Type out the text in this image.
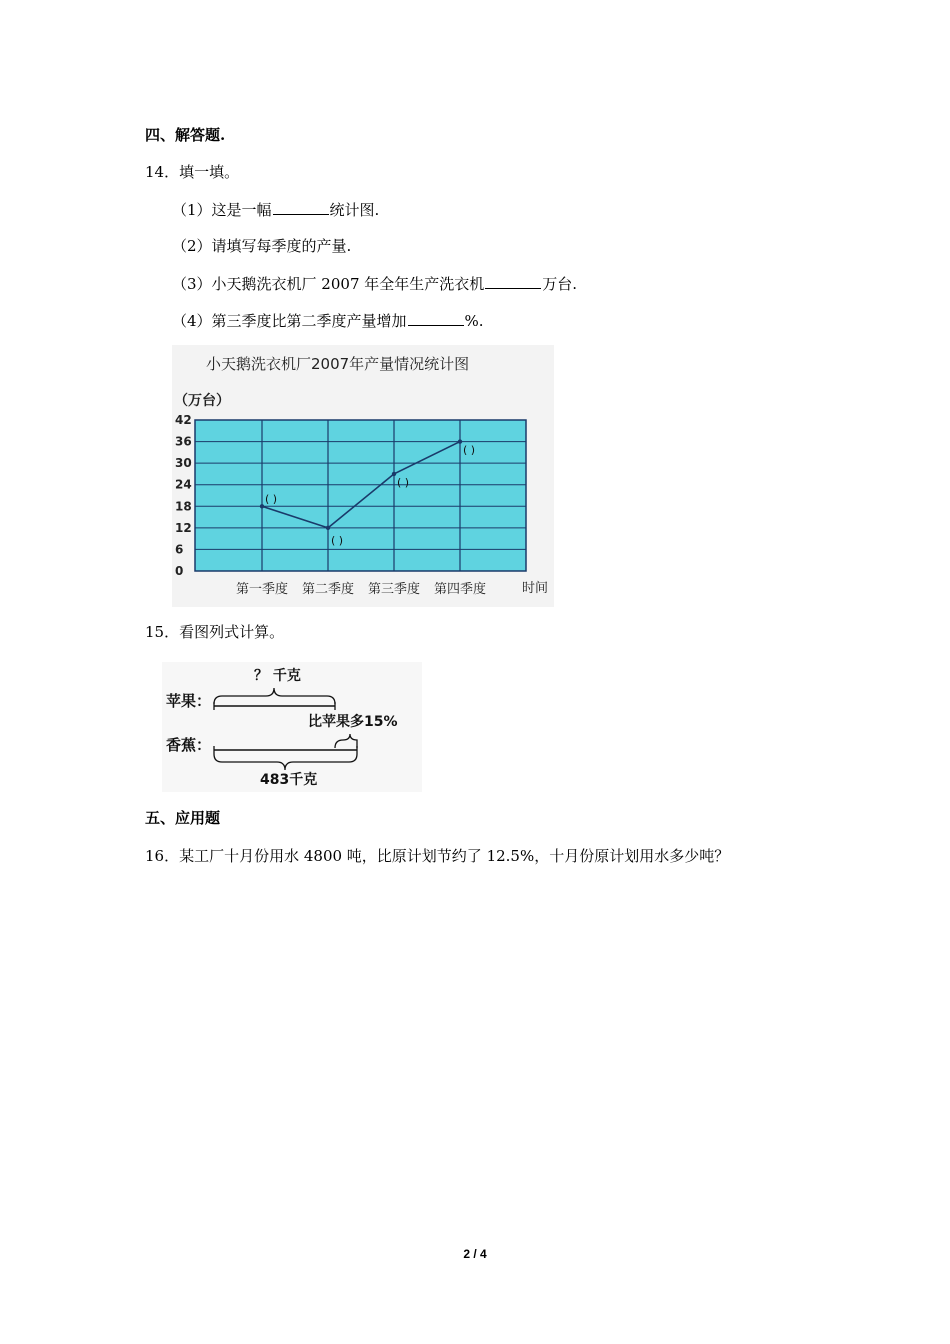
四、解答题.
14．填一填。
（1）这是一幅	统计图.
（2）请填写每季度的产量.
（3）小天鹅洗衣机厂 2007 年全年生产洗衣机	万台.
（4）第三季度比第二季度产量增加	%.
小天鹅洗衣机厂2007年产量情况统计图
（万台）
时间
0
6
12
18
24
30
36
42
第一季度 第二季度 第三季度 第四季度
( )
( )
( )
( )
15．看图列式计算。
？ 千克
苹果：
比苹果多15%
香蕉：
483千克
五、应用题
16．某工厂十月份用水 4800 吨，比原计划节约了 12.5%，十月份原计划用水多少吨？
2 / 4
